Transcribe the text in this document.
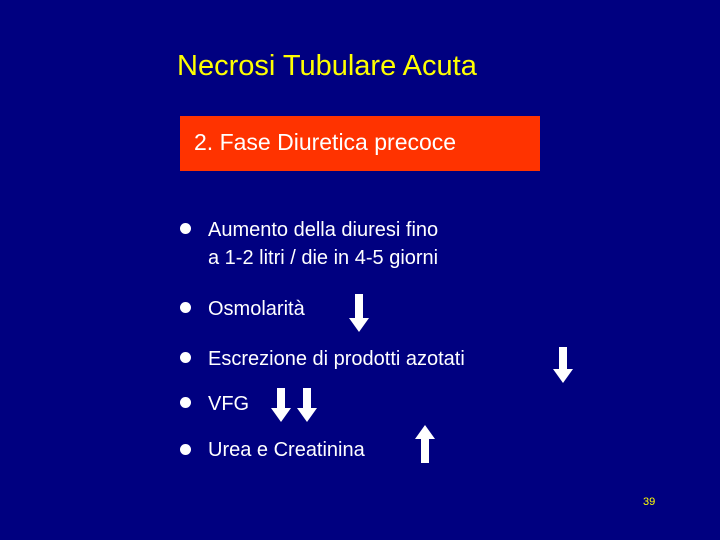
Necrosi Tubulare Acuta
2. Fase Diuretica precoce
Aumento della diuresi fino
a 1-2 litri / die in 4-5 giorni
Osmolarità
Escrezione di prodotti azotati
VFG
Urea e Creatinina
39
